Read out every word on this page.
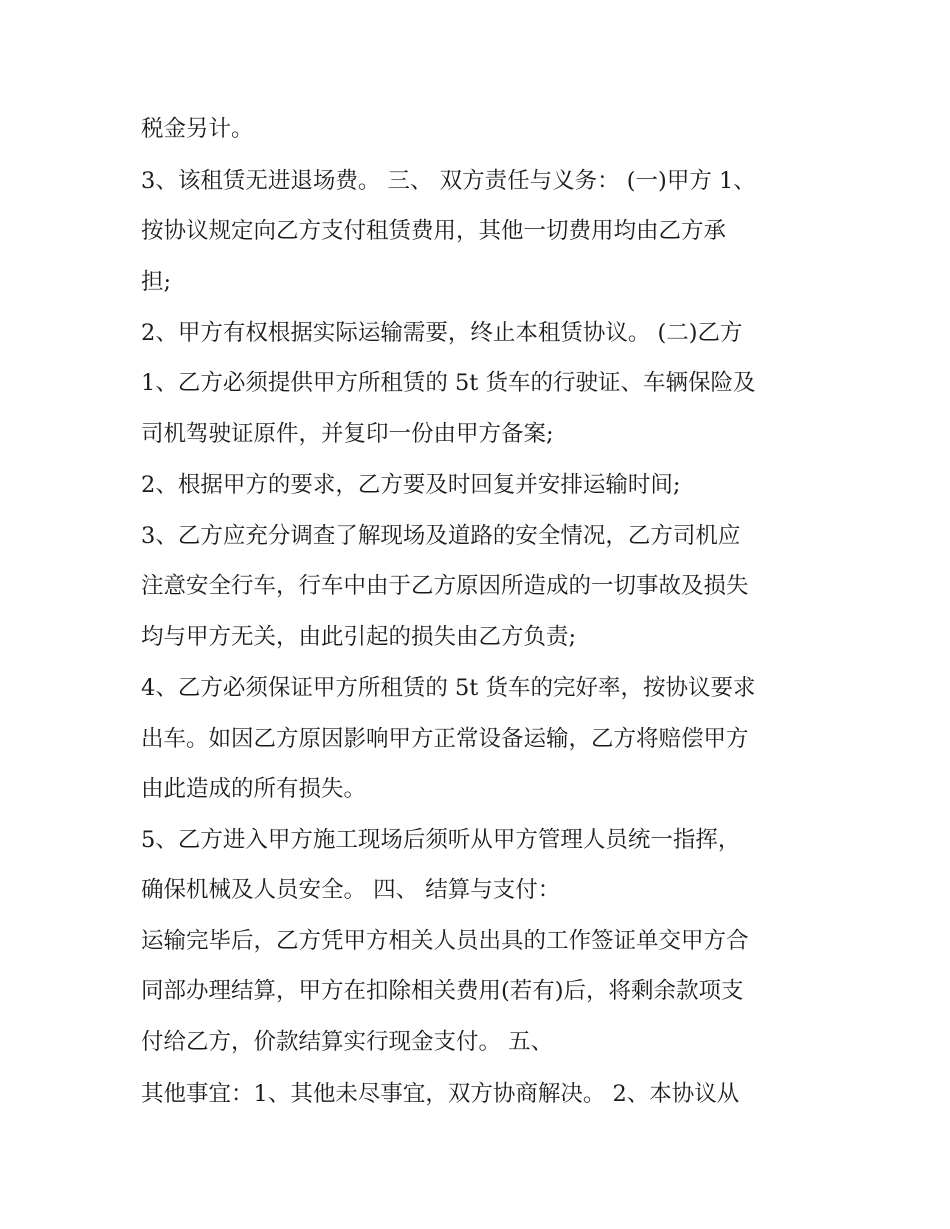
税金另计。
3、该租赁无进退场费。 三、 双方责任与义务： (一)甲方 1、
按协议规定向乙方支付租赁费用，其他一切费用均由乙方承
担;
2、甲方有权根据实际运输需要，终止本租赁协议。 (二)乙方
1、乙方必须提供甲方所租赁的 5t 货车的行驶证、车辆保险及
司机驾驶证原件，并复印一份由甲方备案;
2、根据甲方的要求，乙方要及时回复并安排运输时间;
3、乙方应充分调查了解现场及道路的安全情况，乙方司机应
注意安全行车，行车中由于乙方原因所造成的一切事故及损失
均与甲方无关，由此引起的损失由乙方负责;
4、乙方必须保证甲方所租赁的 5t 货车的完好率，按协议要求
出车。如因乙方原因影响甲方正常设备运输，乙方将赔偿甲方
由此造成的所有损失。
5、乙方进入甲方施工现场后须听从甲方管理人员统一指挥，
确保机械及人员安全。 四、 结算与支付：
运输完毕后，乙方凭甲方相关人员出具的工作签证单交甲方合
同部办理结算，甲方在扣除相关费用(若有)后，将剩余款项支
付给乙方，价款结算实行现金支付。 五、
其他事宜：1、其他未尽事宜，双方协商解决。 2、本协议从
